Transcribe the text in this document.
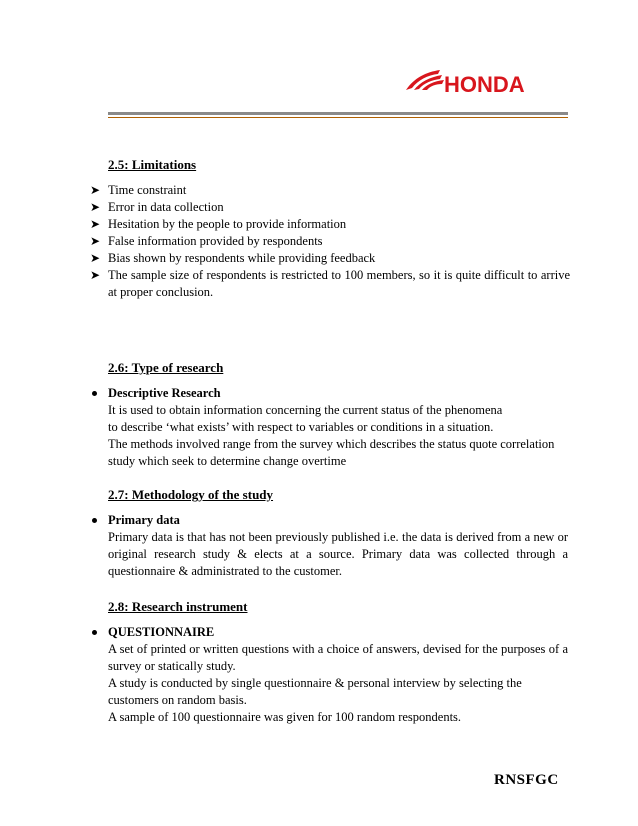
HONDA
2.5: Limitations
➤ Time constraint
➤ Error in data collection
➤ Hesitation by the people to provide information
➤ False information provided by respondents
➤ Bias shown by respondents while providing feedback
➤ The sample size of respondents is restricted to 100 members, so it is quite difficult to arrive at proper conclusion.
2.6: Type of research
Descriptive Research
It is used to obtain information concerning the current status of the phenomena
to describe ‘what exists’ with respect to variables or conditions in a situation.
The methods involved range from the survey which describes the status quote correlation
study which seek to determine change overtime
2.7: Methodology of the study
Primary data
Primary data is that has not been previously published i.e. the data is derived from a new or original research study & elects at a source. Primary data was collected through a questionnaire & administrated to the customer.
2.8: Research instrument
QUESTIONNAIRE
A set of printed or written questions with a choice of answers, devised for the purposes of a survey or statically study.
A study is conducted by single questionnaire & personal interview by selecting the
customers on random basis.
A sample of 100 questionnaire was given for 100 random respondents.
RNSFGC
